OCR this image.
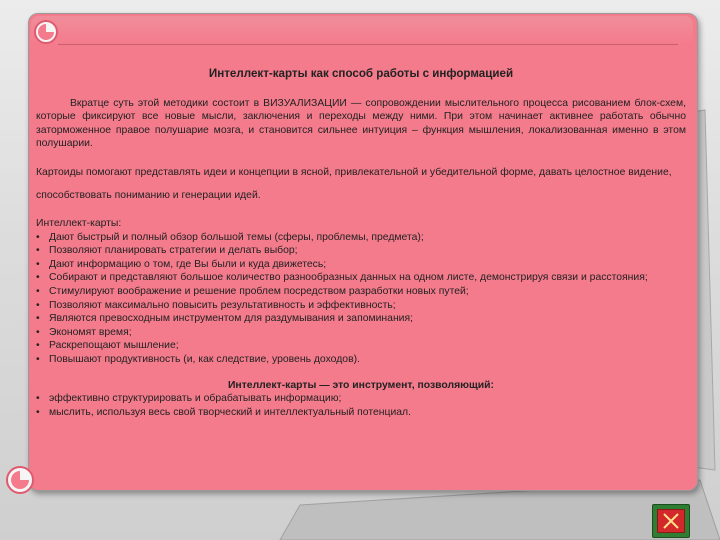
Интеллект-карты как способ работы с информацией

Вкратце суть этой методики состоит в ВИЗУАЛИЗАЦИИ — сопровождении мыслительного процесса рисованием блок-схем, которые фиксируют все новые мысли, заключения и переходы между ними. При этом начинает активнее работать обычно заторможенное правое полушарие мозга, и становится сильнее интуиция – функция мышления, локализованная именно в этом полушарии.

Картоиды помогают представлять идеи и концепции в ясной, привлекательной и убедительной форме, давать целостное видение, способствовать пониманию и генерации идей.

Интеллект-карты:

• Дают быстрый и полный обзор большой темы (сферы, проблемы, предмета);
• Позволяют планировать стратегии и делать выбор;
• Дают информацию о том, где Вы были и куда движетесь;
• Собирают и представляют большое количество разнообразных данных на одном листе, демонстрируя связи и расстояния;
• Стимулируют воображение и решение проблем посредством разработки новых путей;
• Позволяют максимально повысить результативность и эффективность;
• Являются превосходным инструментом для раздумывания и запоминания;
• Экономят время;
• Раскрепощают мышление;
• Повышают продуктивность (и, как следствие, уровень доходов).

Интеллект-карты — это инструмент, позволяющий:

• эффективно структурировать и обрабатывать информацию;
• мыслить, используя весь свой творческий и интеллектуальный потенциал.
